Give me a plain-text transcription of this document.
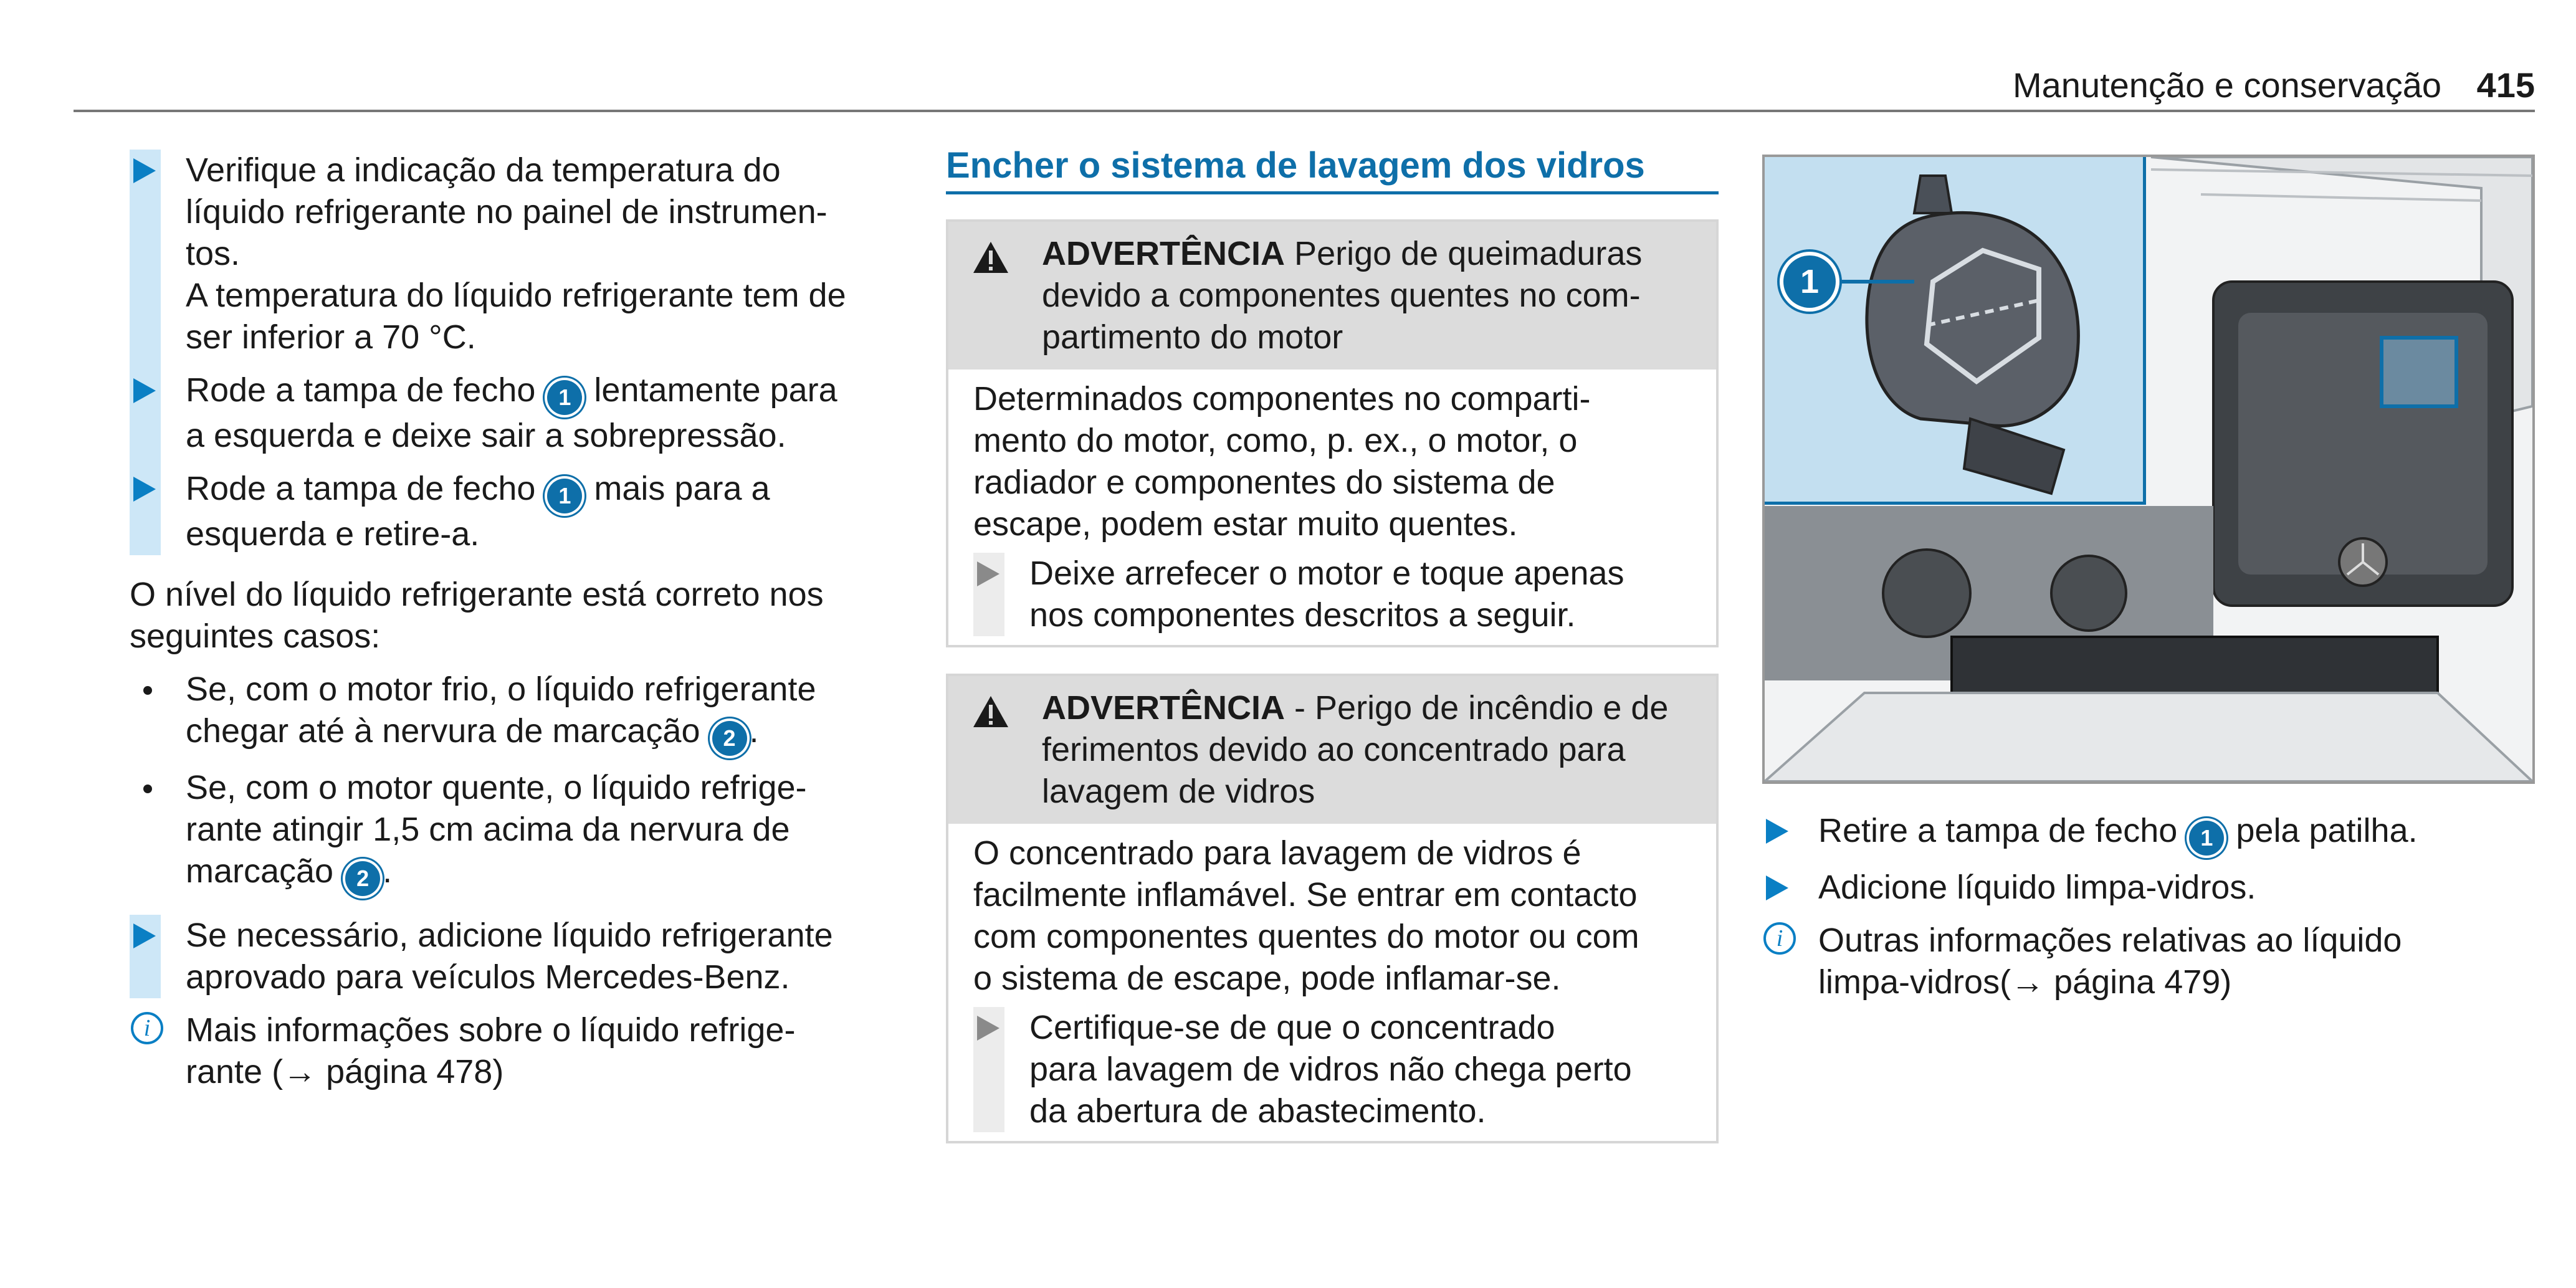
Manutenção e conservação 415
Verifique a indicação da temperatura do
líquido refrigerante no painel de instrumen-
tos.
A temperatura do líquido refrigerante tem de
ser inferior a 70 °C.
Rode a tampa de fecho 1 lentamente para
a esquerda e deixe sair a sobrepressão.
Rode a tampa de fecho 1 mais para a
esquerda e retire-a.
O nível do líquido refrigerante está correto nos
seguintes casos:
Se, com o motor frio, o líquido refrigerante
chegar até à nervura de marcação 2 .
Se, com o motor quente, o líquido refrige-
rante atingir 1,5 cm acima da nervura de
marcação 2 .
Se necessário, adicione líquido refrigerante
aprovado para veículos Mercedes-Benz.
i	Mais informações sobre o líquido refrige-
rante (→ página 478)
Encher o sistema de lavagem dos vidros
ADVERTÊNCIA Perigo de queimaduras
devido a componentes quentes no com-
partimento do motor
Determinados componentes no comparti-
mento do motor, como, p. ex., o motor, o
radiador e componentes do sistema de
escape, podem estar muito quentes.
Deixe arrefecer o motor e toque apenas
nos componentes descritos a seguir.
ADVERTÊNCIA - Perigo de incêndio e de
ferimentos devido ao concentrado para
lavagem de vidros
O concentrado para lavagem de vidros é
facilmente inflamável. Se entrar em contacto
com componentes quentes do motor ou com
o sistema de escape, pode inflamar-se.
Certifique-se de que o concentrado
para lavagem de vidros não chega perto
da abertura de abastecimento.
1
Retire a tampa de fecho 1 pela patilha.
Adicione líquido limpa-vidros.
i	Outras informações relativas ao líquido
limpa-vidros(→ página 479)
